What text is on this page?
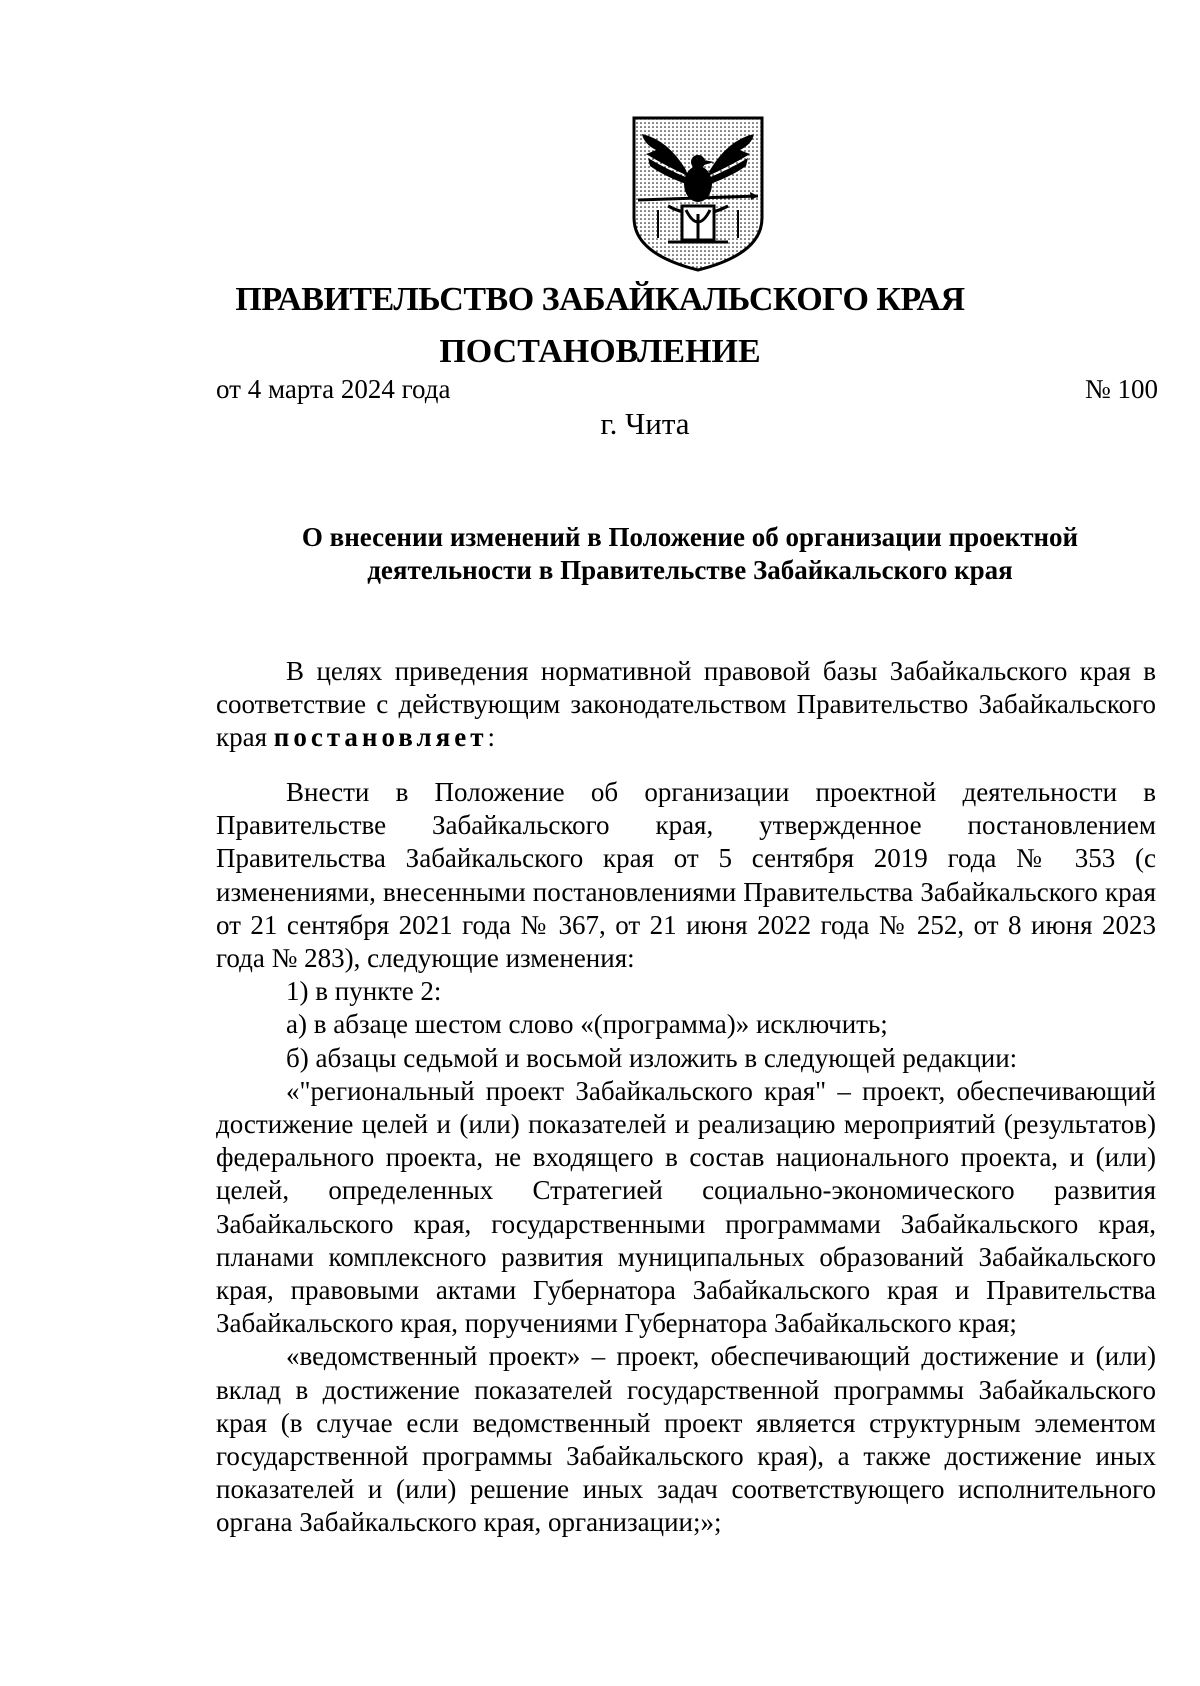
ПРАВИТЕЛЬСТВО ЗАБАЙКАЛЬСКОГО КРАЯ
ПОСТАНОВЛЕНИЕ
от 4 марта 2024 года	№ 100
г. Чита
О внесении изменений в Положение об организации проектной
деятельности в Правительстве Забайкальского края

В целях приведения нормативной правовой базы Забайкальского края в соответствие с действующим законодательством Правительство Забайкальского края постановляет:

Внести в Положение об организации проектной деятельности в Правительстве Забайкальского края, утвержденное постановлением Правительства Забайкальского края от 5 сентября 2019 года № 353 (с изменениями, внесенными постановлениями Правительства Забайкальского края от 21 сентября 2021 года № 367, от 21 июня 2022 года № 252, от 8 июня 2023 года № 283), следующие изменения:

1) в пункте 2:

а) в абзаце шестом слово «(программа)» исключить;

б) абзацы седьмой и восьмой изложить в следующей редакции:

«"региональный проект Забайкальского края" – проект, обеспечивающий достижение целей и (или) показателей и реализацию мероприятий (результатов) федерального проекта, не входящего в состав национального проекта, и (или) целей, определенных Стратегией социально-экономического развития Забайкальского края, государственными программами Забайкальского края, планами комплексного развития муниципальных образований Забайкальского края, правовыми актами Губернатора Забайкальского края и Правительства Забайкальского края, поручениями Губернатора Забайкальского края;

«ведомственный проект» – проект, обеспечивающий достижение и (или) вклад в достижение показателей государственной программы Забайкальского края (в случае если ведомственный проект является структурным элементом государственной программы Забайкальского края), а также достижение иных показателей и (или) решение иных задач соответствующего исполнительного органа Забайкальского края, организации;»;
